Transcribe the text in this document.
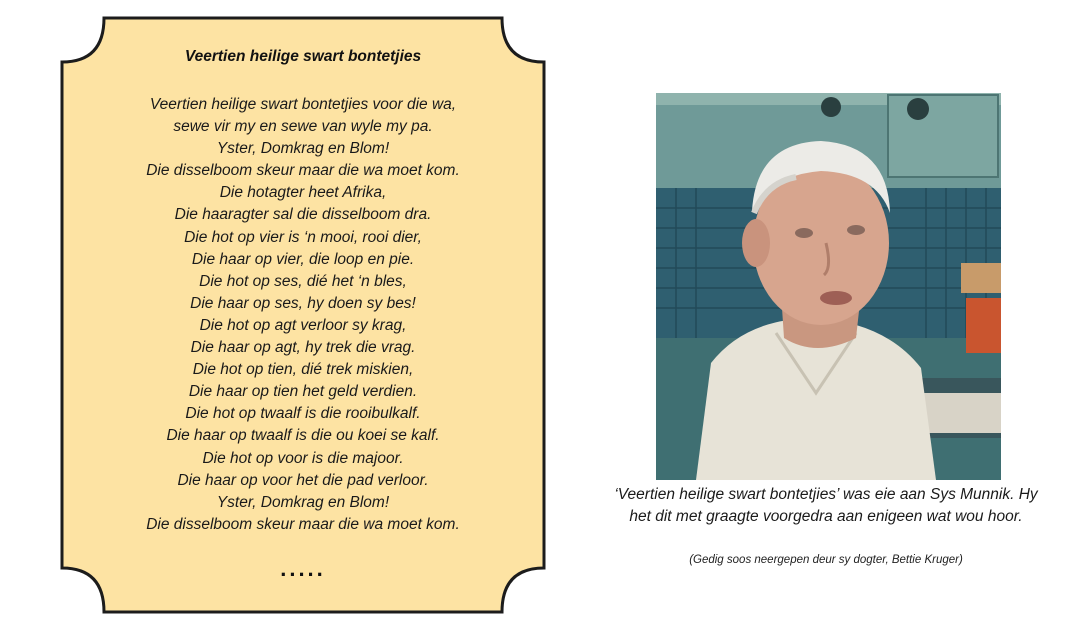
Veertien heilige swart bontetjies
Veertien heilige swart bontetjies voor die wa,
sewe vir my en sewe van wyle my pa.
Yster, Domkrag en Blom!
Die disselboom skeur maar die wa moet kom.
Die hotagter heet Afrika,
Die haaragter sal die disselboom dra.
Die hot op vier is ‘n mooi, rooi dier,
Die haar op vier, die loop en pie.
Die hot op ses, dié het ‘n bles,
Die haar op ses, hy doen sy bes!
Die hot op agt verloor sy krag,
Die haar op agt, hy trek die vrag.
Die hot op tien, dié trek miskien,
Die haar op tien het geld verdien.
Die hot op twaalf is die rooibulkalf.
Die haar op twaalf is die ou koei se kalf.
Die hot op voor is die majoor.
Die haar op voor het die pad verloor.
Yster, Domkrag en Blom!
Die disselboom skeur maar die wa moet kom.
.....
‘Veertien heilige swart bontetjies’ was eie aan Sys Munnik. Hy
het dit met graagte voorgedra aan enigeen wat wou hoor.
(Gedig soos neergepen deur sy dogter, Bettie Kruger)
